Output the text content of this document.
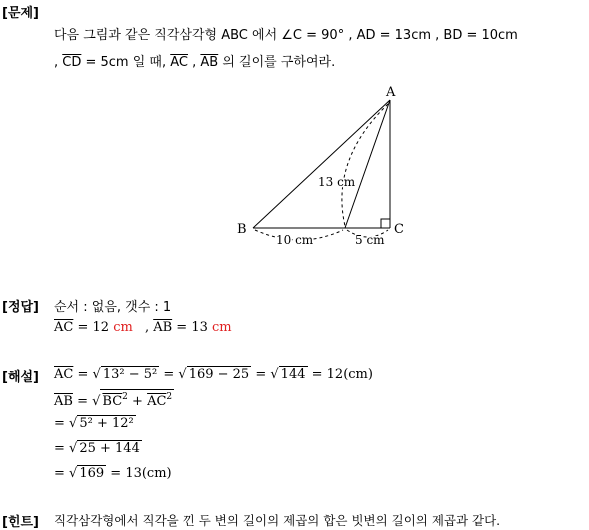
[문제]
다음 그림과 같은 직각삼각형 ABC 에서 ∠C = 90° , AD = 13cm , BD = 10cm
, $\overline{CD} = 5cm$ 일 때, $\overline{AC}$ , $\overline{AB}$ 의 길이를 구하여라.
A
B	C
13 cm
10 cm	5 cm
[정답] 순서 : 없음, 갯수 : 1
$\overline{AC} = 12$ cm , $\overline{AB} = 13$ cm
[해설] $\overline{AC}$ = √ 13² − 5² = √ 169 − 25 = √ 144 = 12(cm)
$\overline{AB}$ = √ $BC^2 + \overline{AC}^2$
= √ 5² + 12²
= √ 25 + 144
= √ 169 = 13(cm)
[힌트] 직각삼각형에서 직각을 낀 두 변의 길이의 제곱의 합은 빗변의 길이의 제곱과 같다.
